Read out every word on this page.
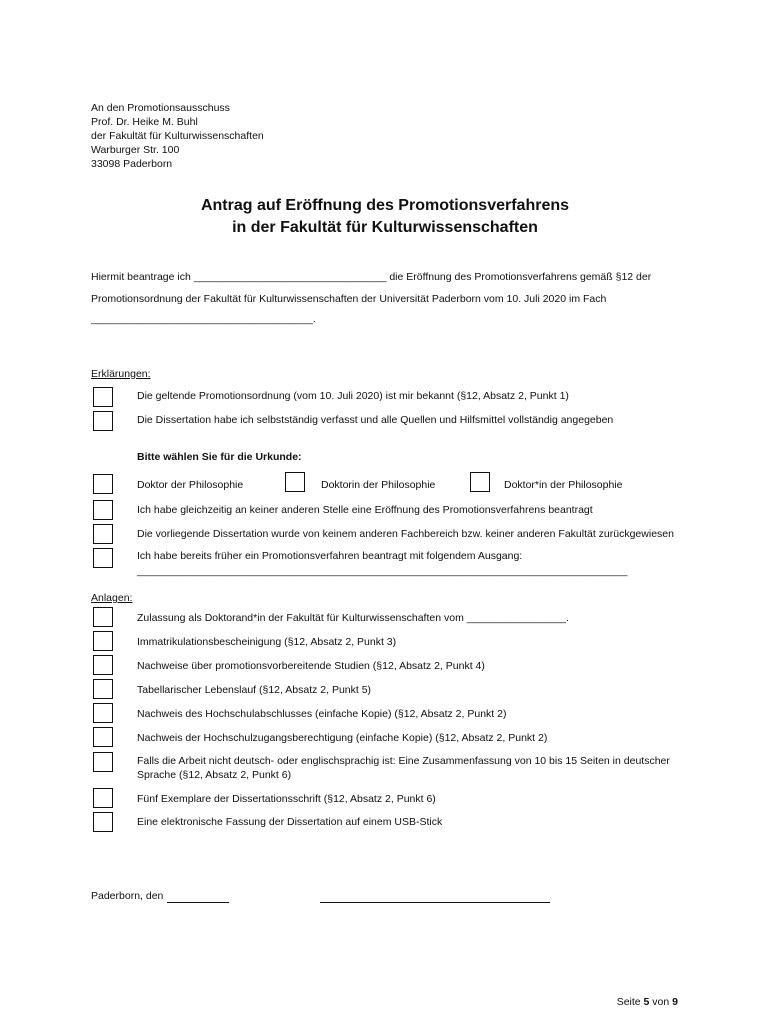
An den Promotionsausschuss
Prof. Dr. Heike M. Buhl
der Fakultät für Kulturwissenschaften
Warburger Str. 100
33098 Paderborn
Antrag auf Eröffnung des Promotionsverfahrens
in der Fakultät für Kulturwissenschaften
Hiermit beantrage ich _________________________________ die Eröffnung des Promotionsverfahrens gemäß §12 der
Promotionsordnung der Fakultät für Kulturwissenschaften der Universität Paderborn vom 10. Juli 2020 im Fach
______________________________________.
Erklärungen:
Die geltende Promotionsordnung (vom 10. Juli 2020) ist mir bekannt (§12, Absatz 2, Punkt 1)
Die Dissertation habe ich selbstständig verfasst und alle Quellen und Hilfsmittel vollständig angegeben
Bitte wählen Sie für die Urkunde:
Doktor der Philosophie	Doktorin der Philosophie	Doktor*in der Philosophie
Ich habe gleichzeitig an keiner anderen Stelle eine Eröffnung des Promotionsverfahrens beantragt
Die vorliegende Dissertation wurde von keinem anderen Fachbereich bzw. keiner anderen Fakultät zurückgewiesen
Ich habe bereits früher ein Promotionsverfahren beantragt mit folgendem Ausgang:
____________________________________________________________________________________
Anlagen:
Zulassung als Doktorand*in der Fakultät für Kulturwissenschaften vom _________________.
Immatrikulationsbescheinigung (§12, Absatz 2, Punkt 3)
Nachweise über promotionsvorbereitende Studien (§12, Absatz 2, Punkt 4)
Tabellarischer Lebenslauf (§12, Absatz 2, Punkt 5)
Nachweis des Hochschulabschlusses (einfache Kopie) (§12, Absatz 2, Punkt 2)
Nachweis der Hochschulzugangsberechtigung (einfache Kopie) (§12, Absatz 2, Punkt 2)
Falls die Arbeit nicht deutsch- oder englischsprachig ist: Eine Zusammenfassung von 10 bis 15 Seiten in deutscher
Sprache (§12, Absatz 2, Punkt 6)
Fünf Exemplare der Dissertationsschrift (§12, Absatz 2, Punkt 6)
Eine elektronische Fassung der Dissertation auf einem USB-Stick
Paderborn, den
Seite 5 von 9
